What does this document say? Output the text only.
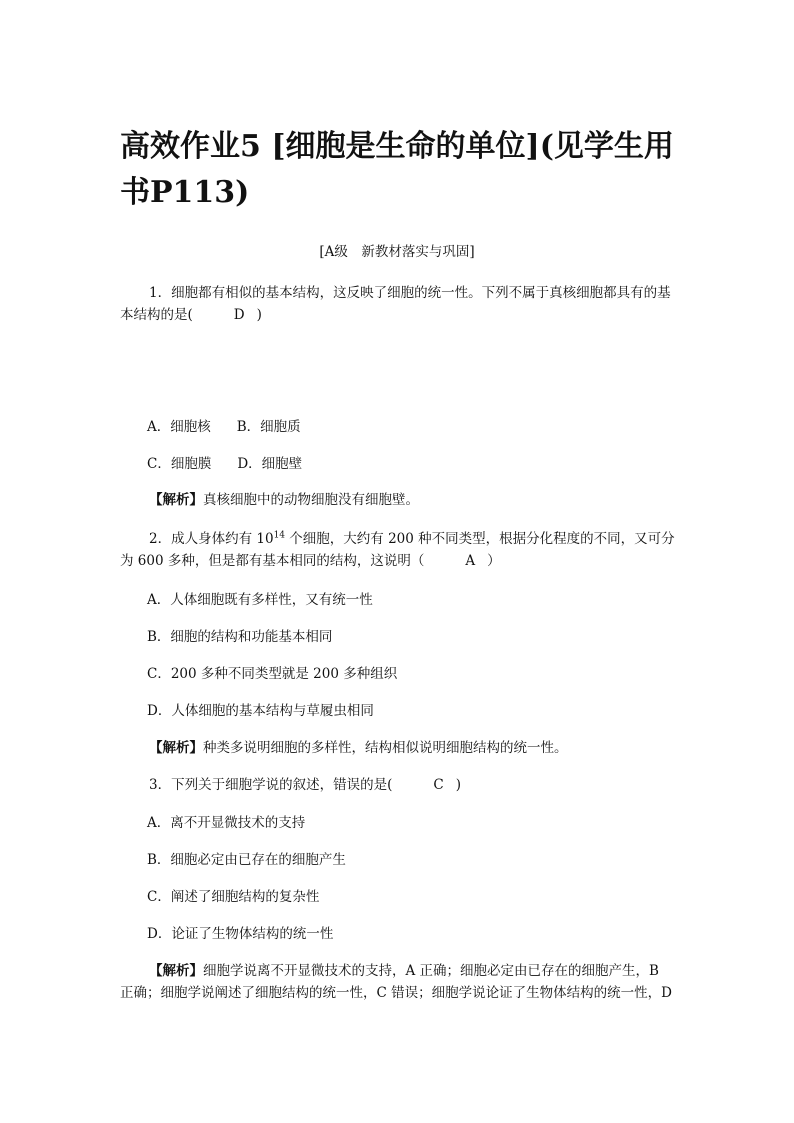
高效作业5 [细胞是生命的单位](见学生用书P113)
[A级　新教材落实与巩固]

1．细胞都有相似的基本结构，这反映了细胞的统一性。下列不属于真核细胞都具有的基本结构的是(	D )

A．细胞核 B．细胞质

C．细胞膜 D．细胞壁

【解析】真核细胞中的动物细胞没有细胞壁。

2．成人身体约有 $10^{14}$ 个细胞，大约有 200 种不同类型，根据分化程度的不同，又可分为 600 多种，但是都有基本相同的结构，这说明（	A ）

A．人体细胞既有多样性，又有统一性

B．细胞的结构和功能基本相同

C．200 多种不同类型就是 200 多种组织

D．人体细胞的基本结构与草履虫相同

【解析】种类多说明细胞的多样性，结构相似说明细胞结构的统一性。

3．下列关于细胞学说的叙述，错误的是(	C )

A．离不开显微技术的支持

B．细胞必定由已存在的细胞产生

C．阐述了细胞结构的复杂性

D．论证了生物体结构的统一性

【解析】细胞学说离不开显微技术的支持，A 正确；细胞必定由已存在的细胞产生，B 正确；细胞学说阐述了细胞结构的统一性，C 错误；细胞学说论证了生物体结构的统一性，D
